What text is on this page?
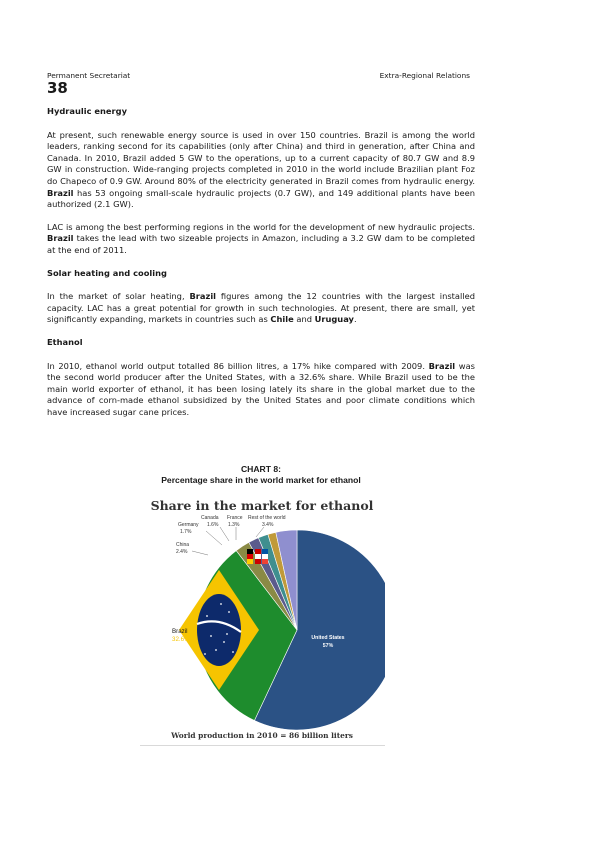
Permanent Secretariat	Extra-Regional Relations
38
Hydraulic energy

At present, such renewable energy source is used in over 150 countries. Brazil is among the world leaders, ranking second for its capabilities (only after China) and third in generation, after China and Canada. In 2010, Brazil added 5 GW to the operations, up to a current capacity of 80.7 GW and 8.9 GW in construction. Wide-ranging projects completed in 2010 in the world include Brazilian plant Foz do Chapeco of 0.9 GW. Around 80% of the electricity generated in Brazil comes from hydraulic energy. Brazil has 53 ongoing small-scale hydraulic projects (0.7 GW), and 149 additional plants have been authorized (2.1 GW).

LAC is among the best performing regions in the world for the development of new hydraulic projects. Brazil takes the lead with two sizeable projects in Amazon, including a 3.2 GW dam to be completed at the end of 2011.

Solar heating and cooling

In the market of solar heating, Brazil figures among the 12 countries with the largest installed capacity. LAC has a great potential for growth in such technologies. At present, there are small, yet significantly expanding, markets in countries such as Chile and Uruguay.

Ethanol

In 2010, ethanol world output totalled 86 billion litres, a 17% hike compared with 2009. Brazil was the second world producer after the United States, with a 32.6% share. While Brazil used to be the main world exporter of ethanol, it has been losing lately its share in the global market due to the advance of corn-made ethanol subsidized by the United States and poor climate conditions which have increased sugar cane prices.

CHART 8:
Percentage share in the world market for ethanol
Share in the market for ethanol
United States
57%
Brazil
32.6%
China
2.4%
Germany
1.7%
Canada
1.6%
France
1.3%
Rest of the world
3.4%
World production in 2010 = 86 billion liters
